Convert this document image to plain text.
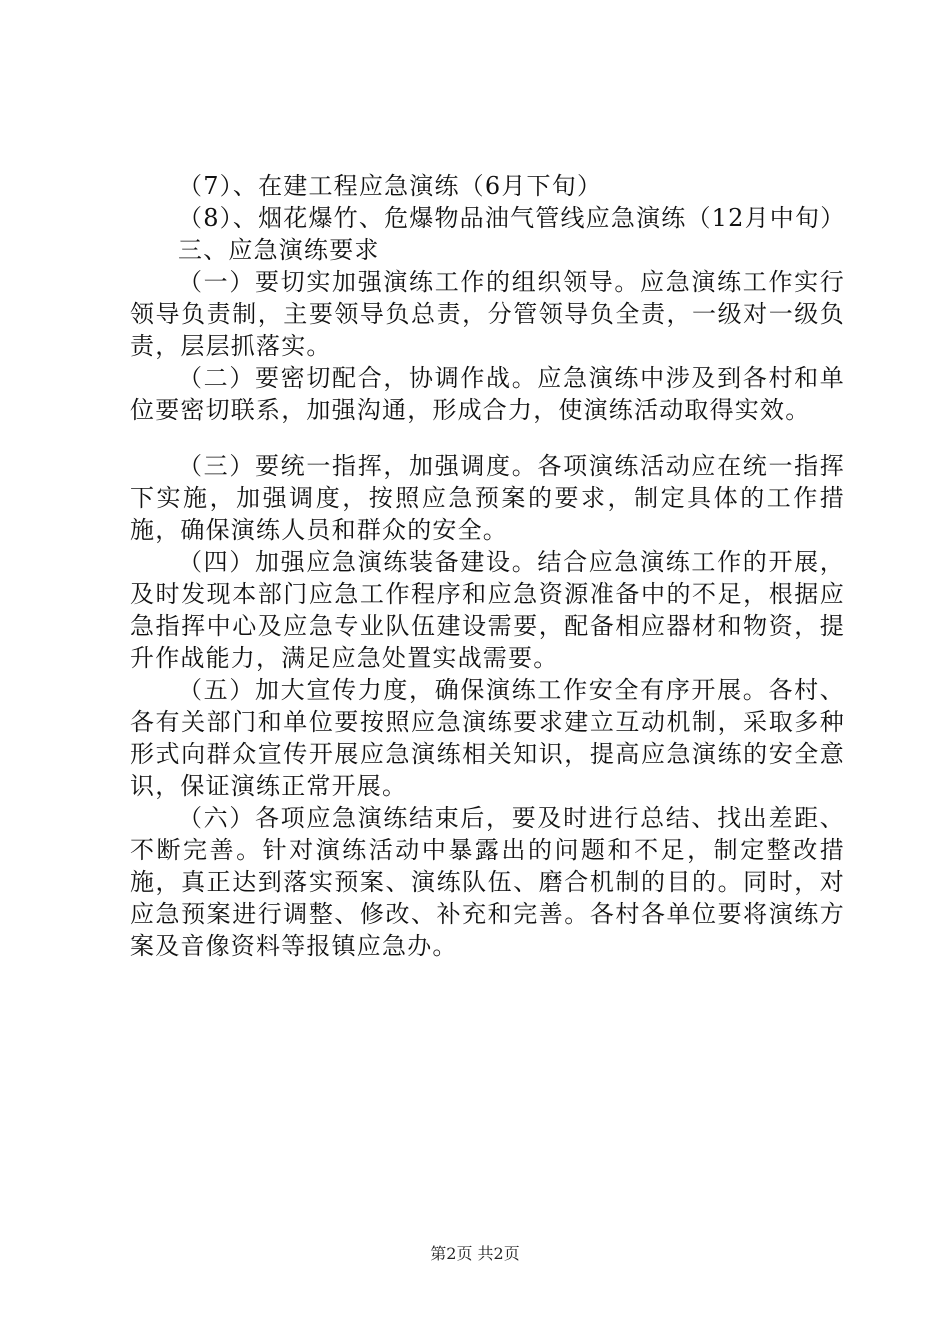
（7）、在建工程应急演练（6月下旬）

（8）、烟花爆竹、危爆物品油气管线应急演练（12月中旬）

三、应急演练要求

（一）要切实加强演练工作的组织领导。应急演练工作实行领导负责制，主要领导负总责，分管领导负全责，一级对一级负责，层层抓落实。

（二）要密切配合，协调作战。应急演练中涉及到各村和单位要密切联系，加强沟通，形成合力，使演练活动取得实效。

（三）要统一指挥，加强调度。各项演练活动应在统一指挥下实施，加强调度，按照应急预案的要求，制定具体的工作措施，确保演练人员和群众的安全。

（四）加强应急演练装备建设。结合应急演练工作的开展，及时发现本部门应急工作程序和应急资源准备中的不足，根据应急指挥中心及应急专业队伍建设需要，配备相应器材和物资，提升作战能力，满足应急处置实战需要。

（五）加大宣传力度，确保演练工作安全有序开展。各村、各有关部门和单位要按照应急演练要求建立互动机制，采取多种形式向群众宣传开展应急演练相关知识，提高应急演练的安全意识，保证演练正常开展。

（六）各项应急演练结束后，要及时进行总结、找出差距、不断完善。针对演练活动中暴露出的问题和不足，制定整改措施，真正达到落实预案、演练队伍、磨合机制的目的。同时，对应急预案进行调整、修改、补充和完善。各村各单位要将演练方案及音像资料等报镇应急办。

第2页 共2页
